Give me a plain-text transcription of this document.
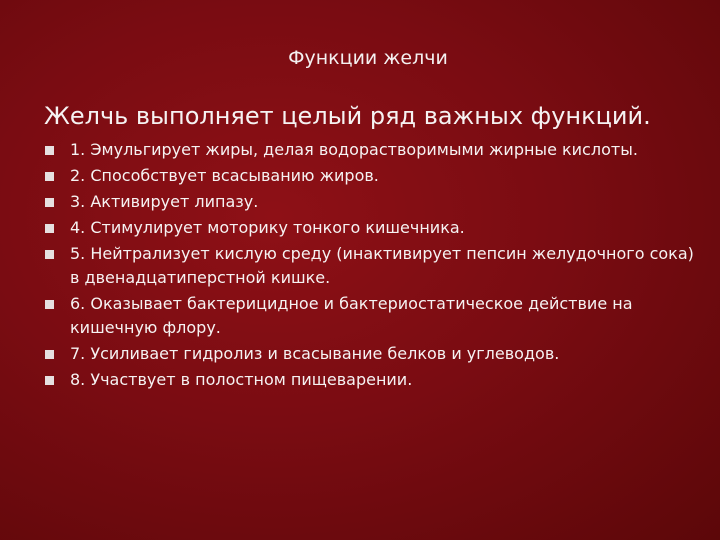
Функции желчи
Желчь выполняет целый ряд важных функций.
1. Эмульгирует жиры, делая водорастворимыми жирные кислоты.
2. Способствует всасыванию жиров.
3. Активирует липазу.
4. Стимулирует моторику тонкого кишечника.
5. Нейтрализует кислую среду (инактивирует пепсин желудочного сока) в двенадцатиперстной кишке.
6. Оказывает бактерицидное и бактериостатическое действие на кишечную флору.
7. Усиливает гидролиз и всасывание белков и углеводов.
8. Участвует в полостном пищеварении.
